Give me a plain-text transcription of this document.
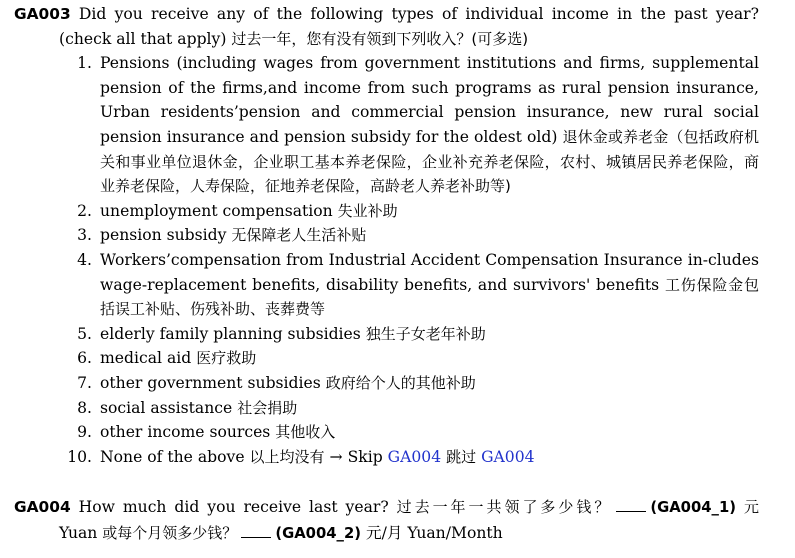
GA003 Did you receive any of the following types of individual income in the past year?
(check all that apply) 过去一年，您有没有领到下列收入？(可多选)
1. Pensions (including wages from government institutions and firms, supplemental pension of the firms,and income from such programs as rural pension insurance, Urban residents’pension and commercial pension insurance, new rural social pension insurance and pension subsidy for the oldest old) 退休金或养老金（包括政府机关和事业单位退休金，企业职工基本养老保险，企业补充养老保险，农村、城镇居民养老保险，商业养老保险，人寿保险，征地养老保险，高龄老人养老补助等)
2. unemployment compensation 失业补助
3. pension subsidy 无保障老人生活补贴
4. Workers’compensation from Industrial Accident Compensation Insurance in-cludes wage-replacement benefits, disability benefits, and survivors' benefits 工伤保险金包括误工补贴、伤残补助、丧葬费等
5. elderly family planning subsidies 独生子女老年补助
6. medical aid 医疗救助
7. other government subsidies 政府给个人的其他补助
8. social assistance 社会捐助
9. other income sources 其他收入
10. None of the above 以上均没有 → Skip GA004 跳过 GA004
GA004 How much did you receive last year? 过去一年一共领了多少钱？	(GA004_1) 元
Yuan 或每个月领多少钱？	(GA004_2) 元/月 Yuan/Month
